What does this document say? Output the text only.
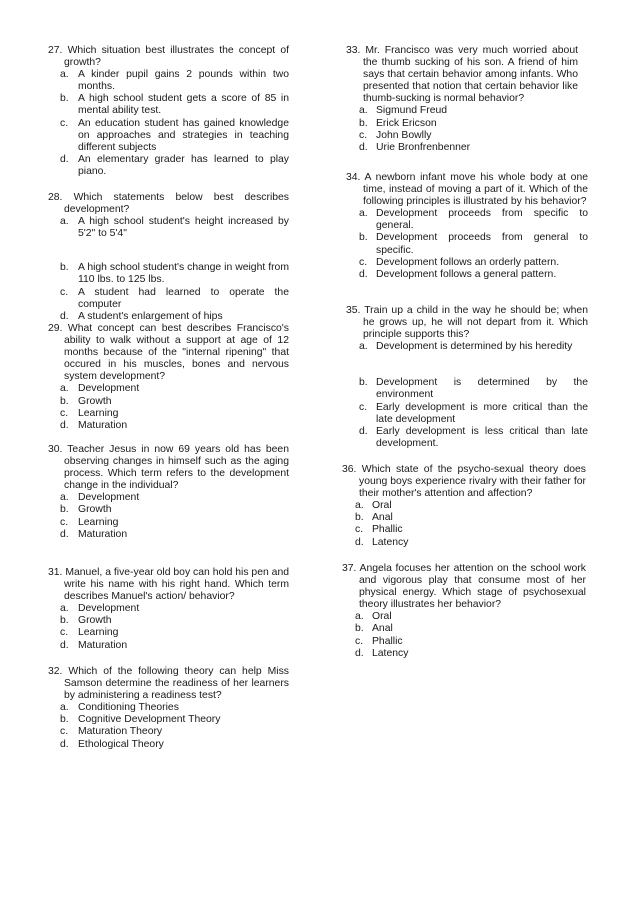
27. Which situation best illustrates the concept of growth?
a. A kinder pupil gains 2 pounds within two months.
b. A high school student gets a score of 85 in mental ability test.
c. An education student has gained knowledge on approaches and strategies in teaching different subjects
d. An elementary grader has learned to play piano.
28. Which statements below best describes development?
a. A high school student's height increased by 5'2" to 5'4"
b. A high school student's change in weight from 110 lbs. to 125 lbs.
c. A student had learned to operate the computer
d. A student's enlargement of hips
29. What concept can best describes Francisco's ability to walk without a support at age of 12 months because of the "internal ripening" that occured in his muscles, bones and nervous system development?
a. Development
b. Growth
c. Learning
d. Maturation
30. Teacher Jesus in now 69 years old has been observing changes in himself such as the aging process. Which term refers to the development change in the individual?
a. Development
b. Growth
c. Learning
d. Maturation
31. Manuel, a five-year old boy can hold his pen and write his name with his right hand. Which term describes Manuel's action/ behavior?
a. Development
b. Growth
c. Learning
d. Maturation
32. Which of the following theory can help Miss Samson determine the readiness of her learners by administering a readiness test?
a. Conditioning Theories
b. Cognitive Development Theory
c. Maturation Theory
d. Ethological Theory
33. Mr. Francisco was very much worried about the thumb sucking of his son. A friend of him says that certain behavior among infants. Who presented that notion that certain behavior like thumb-sucking is normal behavior?
a. Sigmund Freud
b. Erick Ericson
c. John Bowlly
d. Urie Bronfrenbenner
34. A newborn infant move his whole body at one time, instead of moving a part of it. Which of the following principles is illustrated by his behavior?
a. Development proceeds from specific to general.
b. Development proceeds from general to specific.
c. Development follows an orderly pattern.
d. Development follows a general pattern.
35. Train up a child in the way he should be; when he grows up, he will not depart from it. Which principle supports this?
a. Development is determined by his heredity
b. Development is determined by the environment
c. Early development is more critical than the late development
d. Early development is less critical than late development.
36. Which state of the psycho-sexual theory does young boys experience rivalry with their father for their mother's attention and affection?
a. Oral
b. Anal
c. Phallic
d. Latency
37. Angela focuses her attention on the school work and vigorous play that consume most of her physical energy. Which stage of psychosexual theory illustrates her behavior?
a. Oral
b. Anal
c. Phallic
d. Latency
